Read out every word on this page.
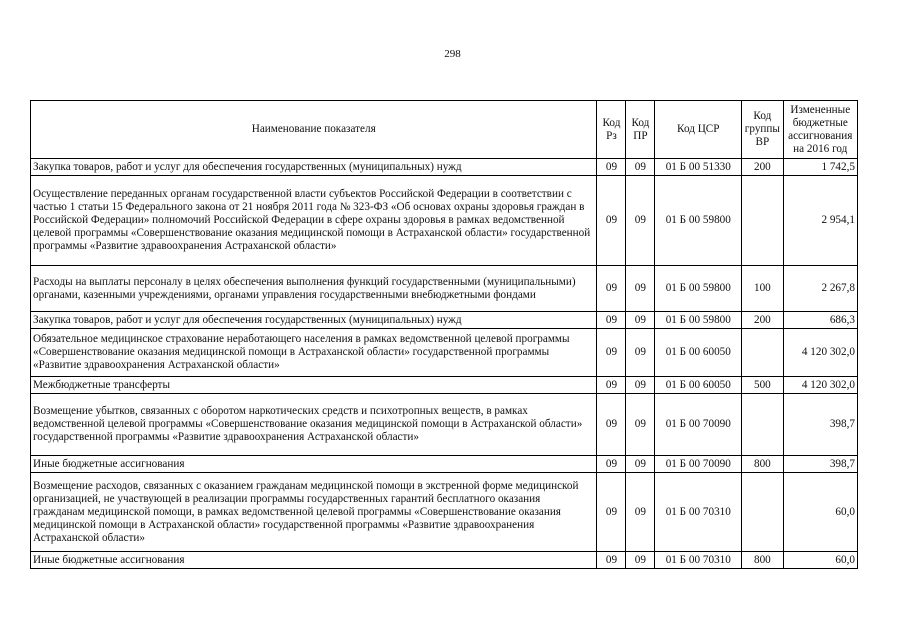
298
Наименование показателя	Код Рз	Код ПР	Код ЦСР	Код группы ВР	Измененные бюджетные ассигнования на 2016 год
Закупка товаров, работ и услуг для обеспечения государственных (муниципальных) нужд	09	09	01 Б 00 51330	200	1 742,5
Осуществление переданных органам государственной власти субъектов Российской Федерации в соответствии с частью 1 статьи 15 Федерального закона от 21 ноября 2011 года № 323-ФЗ «Об основах охраны здоровья граждан в Российской Федерации» полномочий Российской Федерации в сфере охраны здоровья в рамках ведомственной целевой программы «Совершенствование оказания медицинской помощи в Астраханской области» государственной программы «Развитие здравоохранения Астраханской области»	09	09	01 Б 00 59800		2 954,1
Расходы на выплаты персоналу в целях обеспечения выполнения функций государственными (муниципальными) органами, казенными учреждениями, органами управления государственными внебюджетными фондами	09	09	01 Б 00 59800	100	2 267,8
Закупка товаров, работ и услуг для обеспечения государственных (муниципальных) нужд	09	09	01 Б 00 59800	200	686,3
Обязательное медицинское страхование неработающего населения в рамках ведомственной целевой программы «Совершенствование оказания медицинской помощи в Астраханской области» государственной программы «Развитие здравоохранения Астраханской области»	09	09	01 Б 00 60050		4 120 302,0
Межбюджетные трансферты	09	09	01 Б 00 60050	500	4 120 302,0
Возмещение убытков, связанных с оборотом наркотических средств и психотропных веществ, в рамках ведомственной целевой программы «Совершенствование оказания медицинской помощи в Астраханской области» государственной программы «Развитие здравоохранения Астраханской области»	09	09	01 Б 00 70090		398,7
Иные бюджетные ассигнования	09	09	01 Б 00 70090	800	398,7
Возмещение расходов, связанных с оказанием гражданам медицинской помощи в экстренной форме медицинской организацией, не участвующей в реализации программы государственных гарантий бесплатного оказания гражданам медицинской помощи, в рамках ведомственной целевой программы «Совершенствование оказания медицинской помощи в Астраханской области» государственной программы «Развитие здравоохранения Астраханской области»	09	09	01 Б 00 70310		60,0
Иные бюджетные ассигнования	09	09	01 Б 00 70310	800	60,0
